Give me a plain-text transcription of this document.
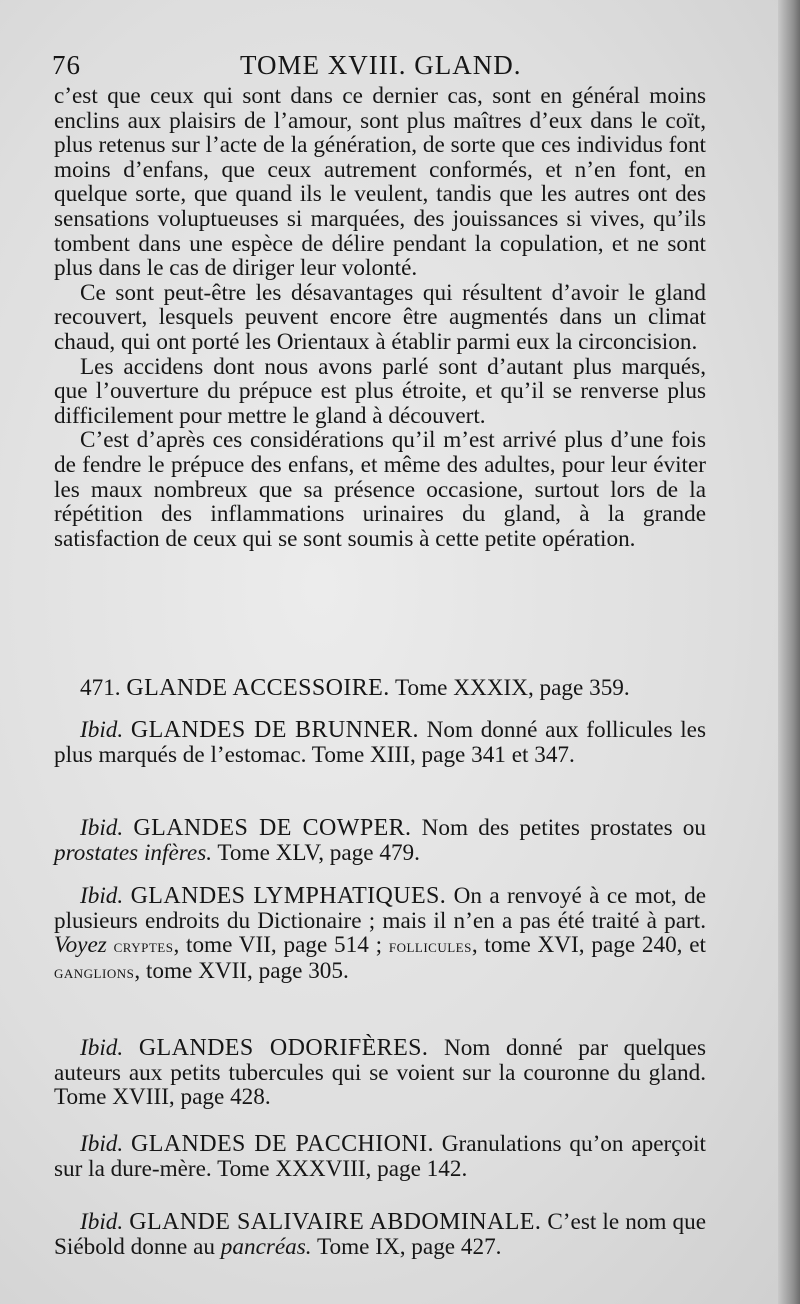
76	TOME XVIII. GLAND.

c’est que ceux qui sont dans ce dernier cas, sont en général moins enclins aux plaisirs de l’amour, sont plus maîtres d’eux dans le coït, plus retenus sur l’acte de la génération, de sorte que ces individus font moins d’enfans, que ceux autrement conformés, et n’en font, en quelque sorte, que quand ils le veulent, tandis que les autres ont des sensations voluptueuses si marquées, des jouissances si vives, qu’ils tombent dans une espèce de délire pendant la copulation, et ne sont plus dans le cas de diriger leur volonté.

Ce sont peut-être les désavantages qui résultent d’avoir le gland recouvert, lesquels peuvent encore être augmentés dans un climat chaud, qui ont porté les Orientaux à établir parmi eux la circoncision.

Les accidens dont nous avons parlé sont d’autant plus marqués, que l’ouverture du prépuce est plus étroite, et qu’il se renverse plus difficilement pour mettre le gland à découvert.

C’est d’après ces considérations qu’il m’est arrivé plus d’une fois de fendre le prépuce des enfans, et même des adultes, pour leur éviter les maux nombreux que sa présence occasione, surtout lors de la répétition des inflammations urinaires du gland, à la grande satisfaction de ceux qui se sont soumis à cette petite opération.

471. GLANDE ACCESSOIRE. Tome XXXIX, page 359.
Ibid. GLANDES DE BRUNNER. Nom donné aux follicules les plus marqués de l’estomac. Tome XIII, page 341 et 347.
Ibid. GLANDES DE COWPER. Nom des petites prostates ou prostates infères. Tome XLV, page 479.
Ibid. GLANDES LYMPHATIQUES. On a renvoyé à ce mot, de plusieurs endroits du Dictionaire ; mais il n’en a pas été traité à part. Voyez cryptes, tome VII, page 514 ; follicules, tome XVI, page 240, et ganglions, tome XVII, page 305.
Ibid. GLANDES ODORIFÈRES. Nom donné par quelques auteurs aux petits tubercules qui se voient sur la couronne du gland. Tome XVIII, page 428.
Ibid. GLANDES DE PACCHIONI. Granulations qu’on aperçoit sur la dure-mère. Tome XXXVIII, page 142.
Ibid. GLANDE SALIVAIRE ABDOMINALE. C’est le nom que Siébold donne au pancréas. Tome IX, page 427.
